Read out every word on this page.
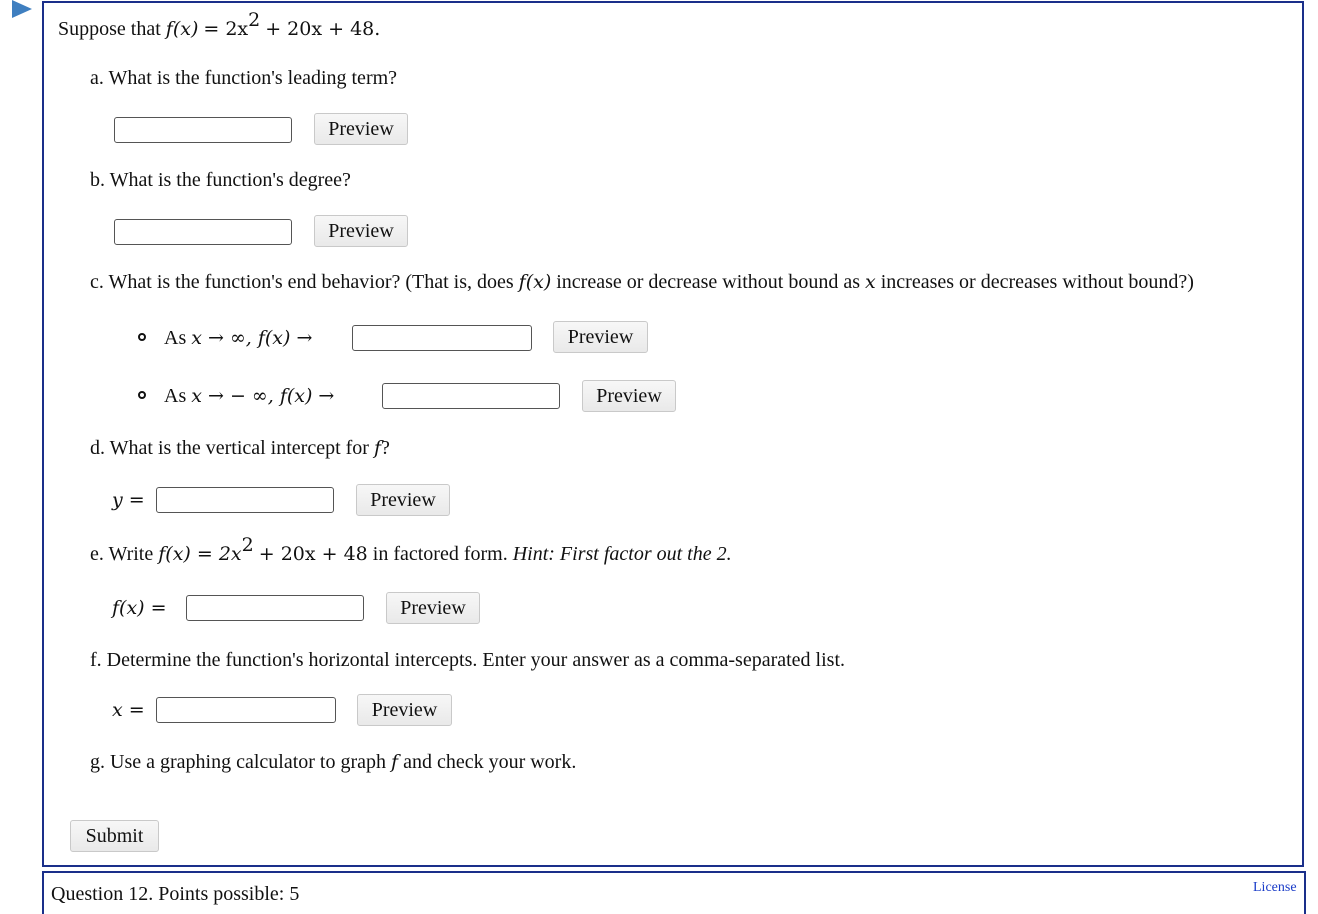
Suppose that $f(x) = 2x^2 + 20x + 48$.
a. What is the function's leading term?
Preview
b. What is the function's degree?
Preview
c. What is the function's end behavior? (That is, does f(x) increase or decrease without bound as x increases or decreases without bound?)
As x → ∞, f(x) →	Preview
As x → − ∞, f(x) →	Preview
d. What is the vertical intercept for f?
y =	Preview
e. Write $f(x) = 2x^2 + 20x + 48$ in factored form. Hint: First factor out the 2.
f(x) =	Preview
f. Determine the function's horizontal intercepts. Enter your answer as a comma-separated list.
x =	Preview
g. Use a graphing calculator to graph f and check your work.
Submit
Question 12. Points possible: 5	License
